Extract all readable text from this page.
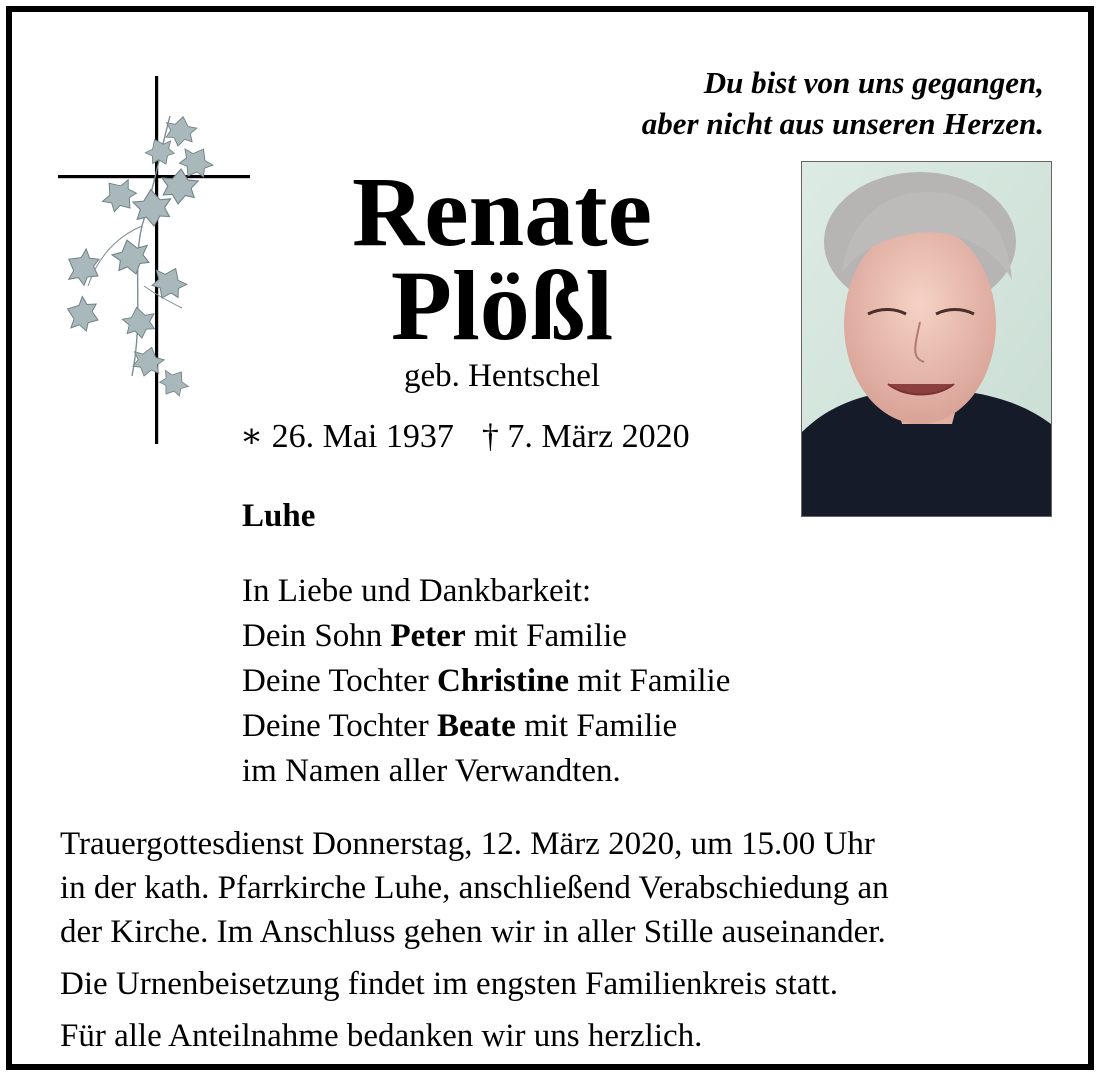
Du bist von uns gegangen,
aber nicht aus unseren Herzen.
Renate
Plößl
geb. Hentschel
∗ 26. Mai 1937 † 7. März 2020
Luhe
In Liebe und Dankbarkeit:
Dein Sohn Peter mit Familie
Deine Tochter Christine mit Familie
Deine Tochter Beate mit Familie
im Namen aller Verwandten.
Trauergottesdienst Donnerstag, 12. März 2020, um 15.00 Uhr
in der kath. Pfarrkirche Luhe, anschließend Verabschiedung an
der Kirche. Im Anschluss gehen wir in aller Stille auseinander.
Die Urnenbeisetzung findet im engsten Familienkreis statt.
Für alle Anteilnahme bedanken wir uns herzlich.
